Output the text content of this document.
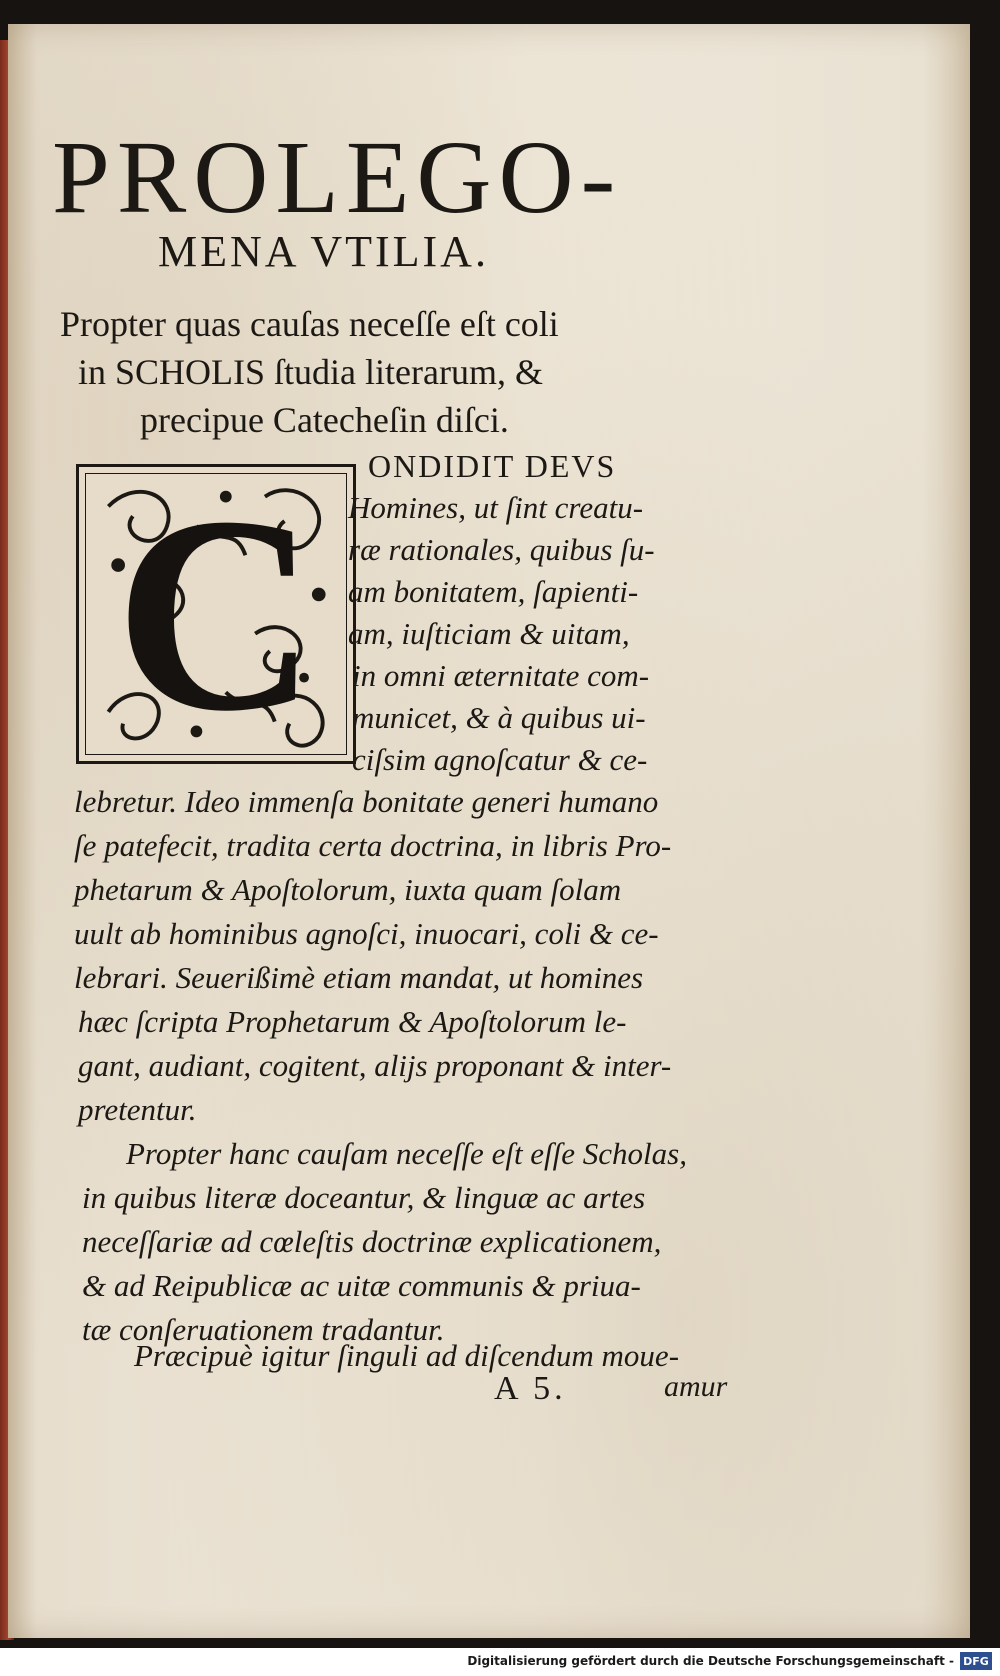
PROLEGO-
MENA VTILIA.
Propter quas cauſas neceſſe eſt coli
in SCHOLIS ſtudia literarum, &
precipue Catecheſin diſci.
C	ONDIDIT DEVS
Homines, ut ſint creatu-
ræ rationales, quibus ſu-
am bonitatem, ſapienti-
am, iuſticiam & uitam,
in omni æternitate com-
municet, & à quibus ui-
ciſsim agnoſcatur & ce-
lebretur. Ideo immenſa bonitate generi humano
ſe patefecit, tradita certa doctrina, in libris Pro-
phetarum & Apoſtolorum, iuxta quam ſolam
uult ab hominibus agnoſci, inuocari, coli & ce-
lebrari. Seuerißimè etiam mandat, ut homines
hæc ſcripta Prophetarum & Apoſtolorum le-
gant, audiant, cogitent, alijs proponant & inter-
pretentur.
Propter hanc cauſam neceſſe eſt eſſe Scholas,
in quibus literæ doceantur, & linguæ ac artes
neceſſariæ ad cœleſtis doctrinæ explicationem,
& ad Reipublicæ ac uitæ communis & priua-
tæ conſeruationem tradantur.
Præcipuè igitur ſinguli ad diſcendum moue-
A 5.	amur
Digitalisierung gefördert durch die Deutsche Forschungsgemeinschaft - DFG
